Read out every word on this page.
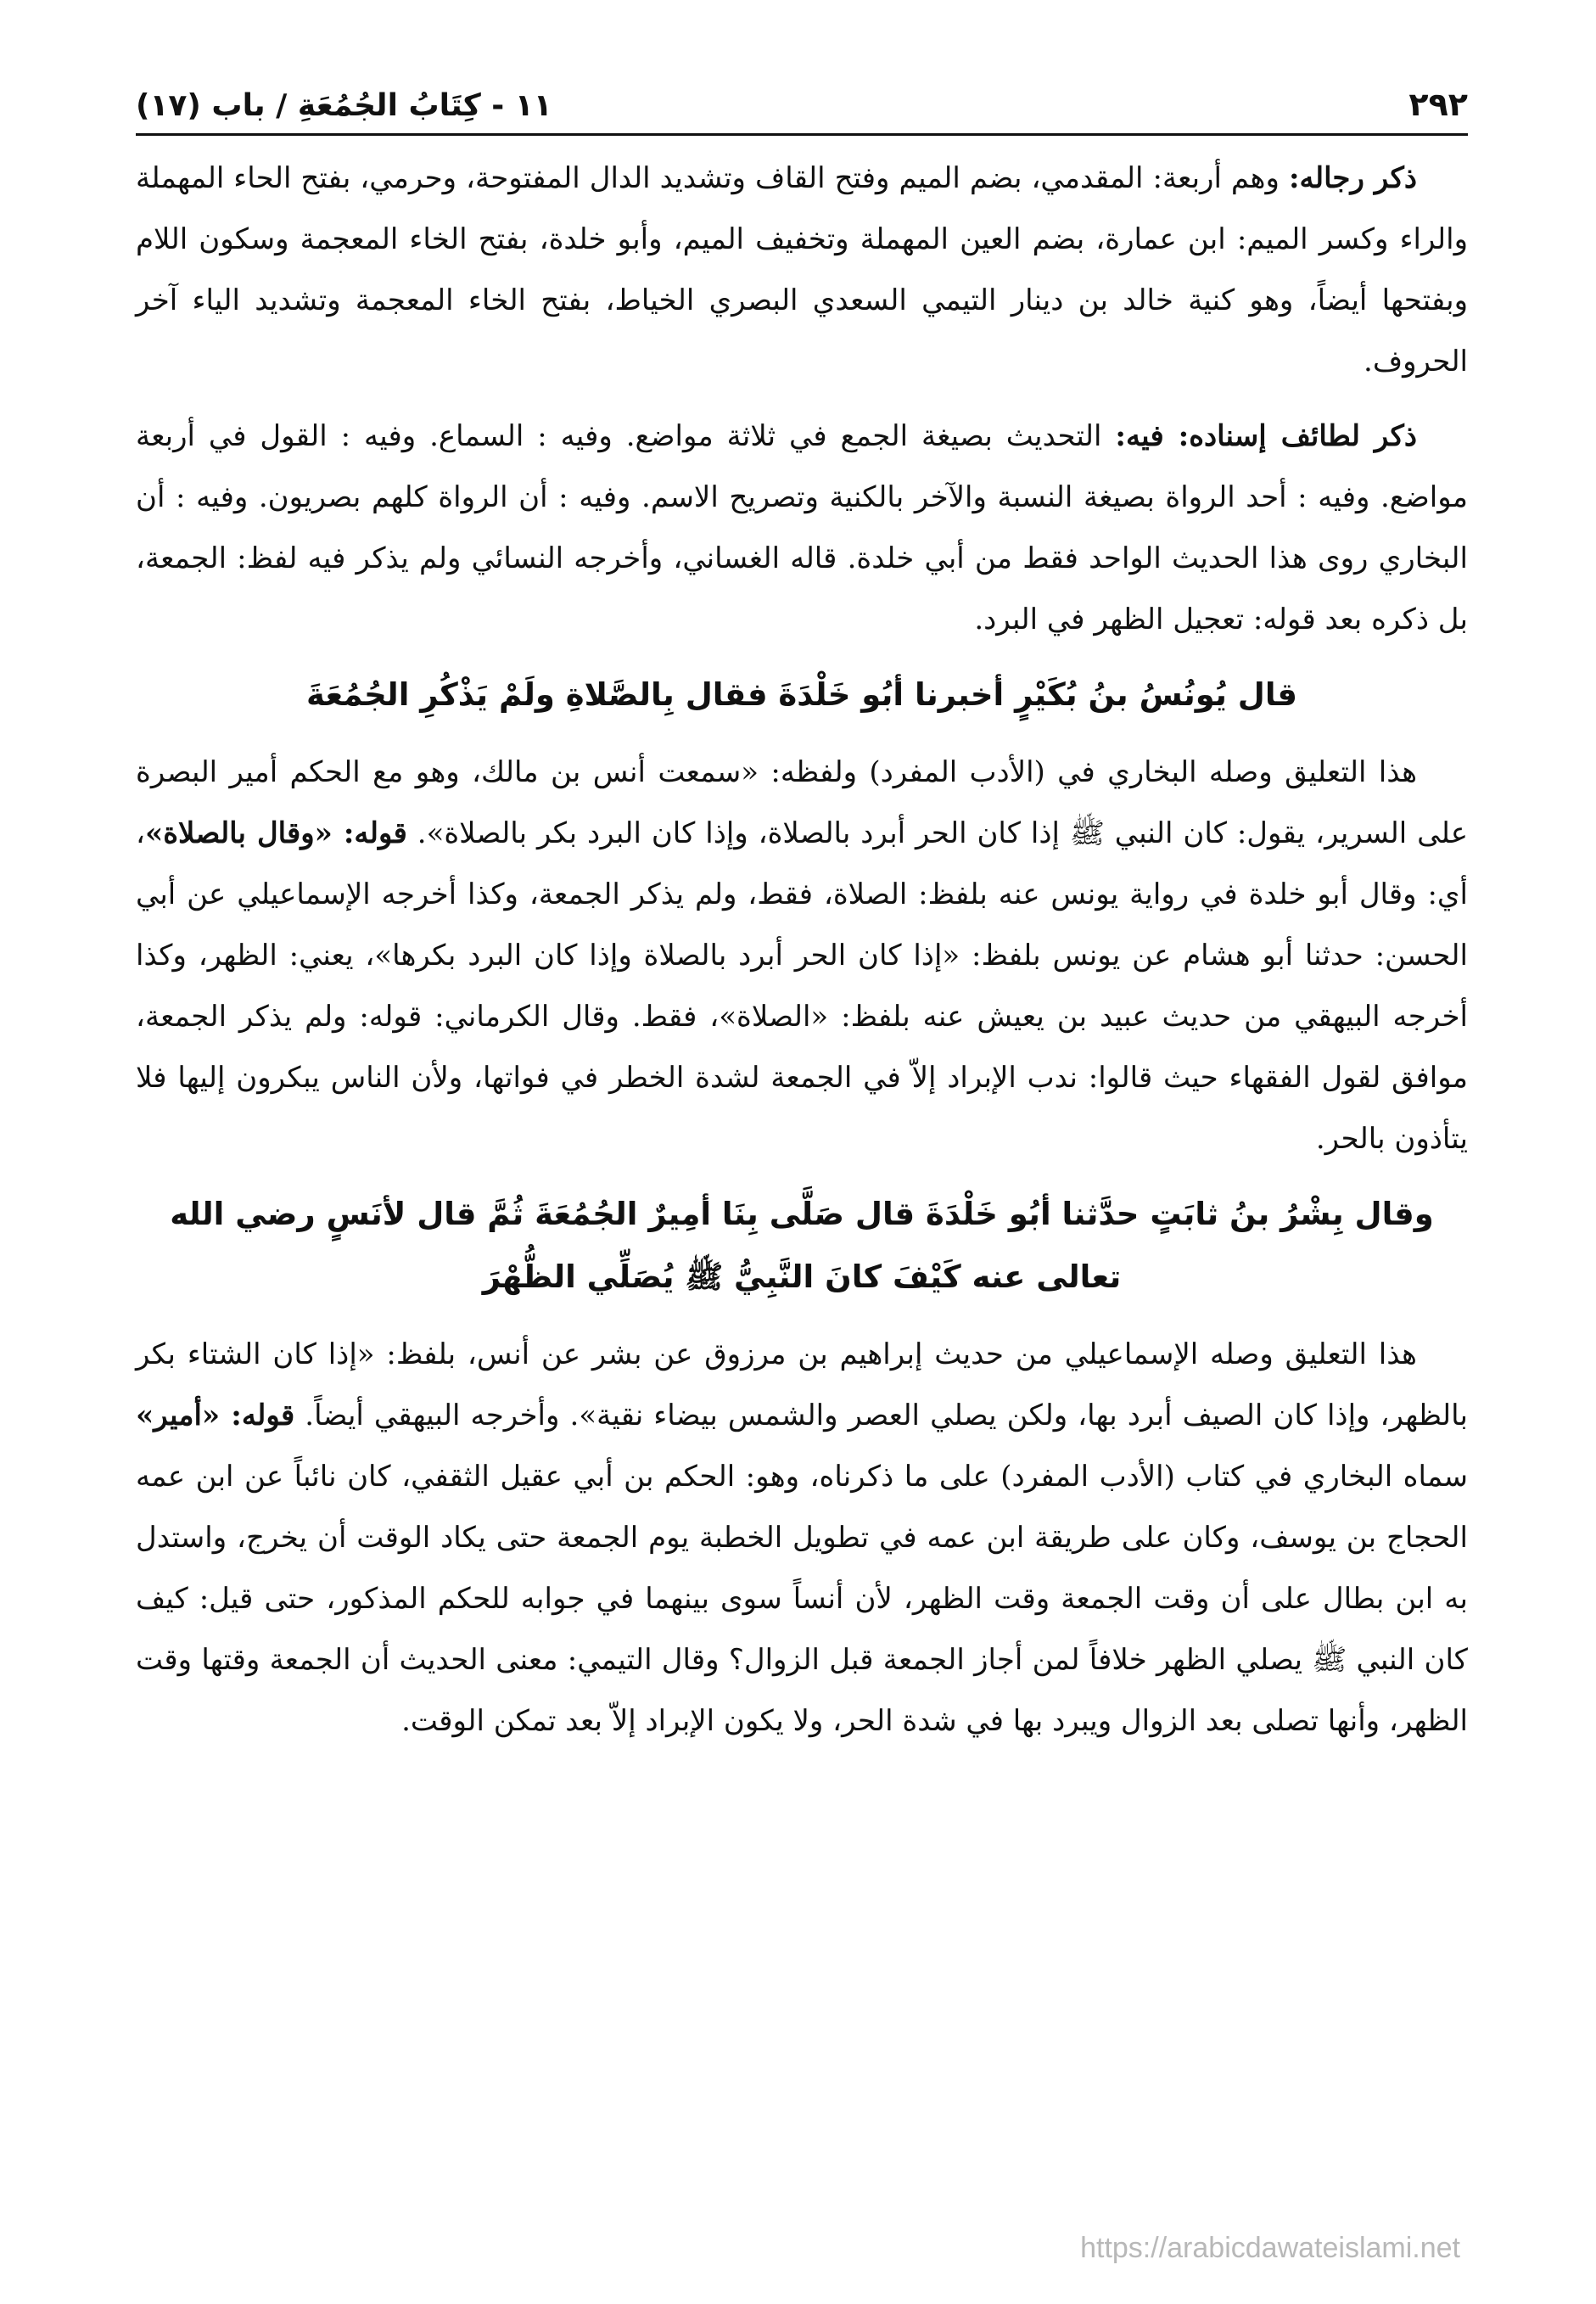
٢٩٢
١١ - كِتَابُ الجُمُعَةِ / باب (١٧)

ذكر رجاله: وهم أربعة: المقدمي، بضم الميم وفتح القاف وتشديد الدال المفتوحة، وحرمي، بفتح الحاء المهملة والراء وكسر الميم: ابن عمارة، بضم العين المهملة وتخفيف الميم، وأبو خلدة، بفتح الخاء المعجمة وسكون اللام وبفتحها أيضاً، وهو كنية خالد بن دينار التيمي السعدي البصري الخياط، بفتح الخاء المعجمة وتشديد الياء آخر الحروف.

ذكر لطائف إسناده: فيه: التحديث بصيغة الجمع في ثلاثة مواضع. وفيه : السماع. وفيه : القول في أربعة مواضع. وفيه : أحد الرواة بصيغة النسبة والآخر بالكنية وتصريح الاسم. وفيه : أن الرواة كلهم بصريون. وفيه : أن البخاري روى هذا الحديث الواحد فقط من أبي خلدة. قاله الغساني، وأخرجه النسائي ولم يذكر فيه لفظ: الجمعة، بل ذكره بعد قوله: تعجيل الظهر في البرد.

قال يُونُسُ بنُ بُكَيْرٍ أخبرنا أبُو خَلْدَةَ فقال بِالصَّلاةِ ولَمْ يَذْكُرِ الجُمُعَةَ

هذا التعليق وصله البخاري في (الأدب المفرد) ولفظه: «سمعت أنس بن مالك، وهو مع الحكم أمير البصرة على السرير، يقول: كان النبي ﷺ إذا كان الحر أبرد بالصلاة، وإذا كان البرد بكر بالصلاة». قوله: «وقال بالصلاة»، أي: وقال أبو خلدة في رواية يونس عنه بلفظ: الصلاة، فقط، ولم يذكر الجمعة، وكذا أخرجه الإسماعيلي عن أبي الحسن: حدثنا أبو هشام عن يونس بلفظ: «إذا كان الحر أبرد بالصلاة وإذا كان البرد بكرها»، يعني: الظهر، وكذا أخرجه البيهقي من حديث عبيد بن يعيش عنه بلفظ: «الصلاة»، فقط. وقال الكرماني: قوله: ولم يذكر الجمعة، موافق لقول الفقهاء حيث قالوا: ندب الإبراد إلاّ في الجمعة لشدة الخطر في فواتها، ولأن الناس يبكرون إليها فلا يتأذون بالحر.

وقال بِشْرُ بنُ ثابَتٍ حدَّثنا أبُو خَلْدَةَ قال صَلَّى بِنَا أمِيرٌ الجُمُعَةَ ثُمَّ قال لأنَسٍ رضي الله تعالى عنه كَيْفَ كانَ النَّبِيُّ ﷺ يُصَلِّي الظُّهْرَ

هذا التعليق وصله الإسماعيلي من حديث إبراهيم بن مرزوق عن بشر عن أنس، بلفظ: «إذا كان الشتاء بكر بالظهر، وإذا كان الصيف أبرد بها، ولكن يصلي العصر والشمس بيضاء نقية». وأخرجه البيهقي أيضاً. قوله: «أمير» سماه البخاري في كتاب (الأدب المفرد) على ما ذكرناه، وهو: الحكم بن أبي عقيل الثقفي، كان نائباً عن ابن عمه الحجاج بن يوسف، وكان على طريقة ابن عمه في تطويل الخطبة يوم الجمعة حتى يكاد الوقت أن يخرج، واستدل به ابن بطال على أن وقت الجمعة وقت الظهر، لأن أنساً سوى بينهما في جوابه للحكم المذكور، حتى قيل: كيف كان النبي ﷺ يصلي الظهر خلافاً لمن أجاز الجمعة قبل الزوال؟ وقال التيمي: معنى الحديث أن الجمعة وقتها وقت الظهر، وأنها تصلى بعد الزوال ويبرد بها في شدة الحر، ولا يكون الإبراد إلاّ بعد تمكن الوقت.

https://arabicdawateislami.net
